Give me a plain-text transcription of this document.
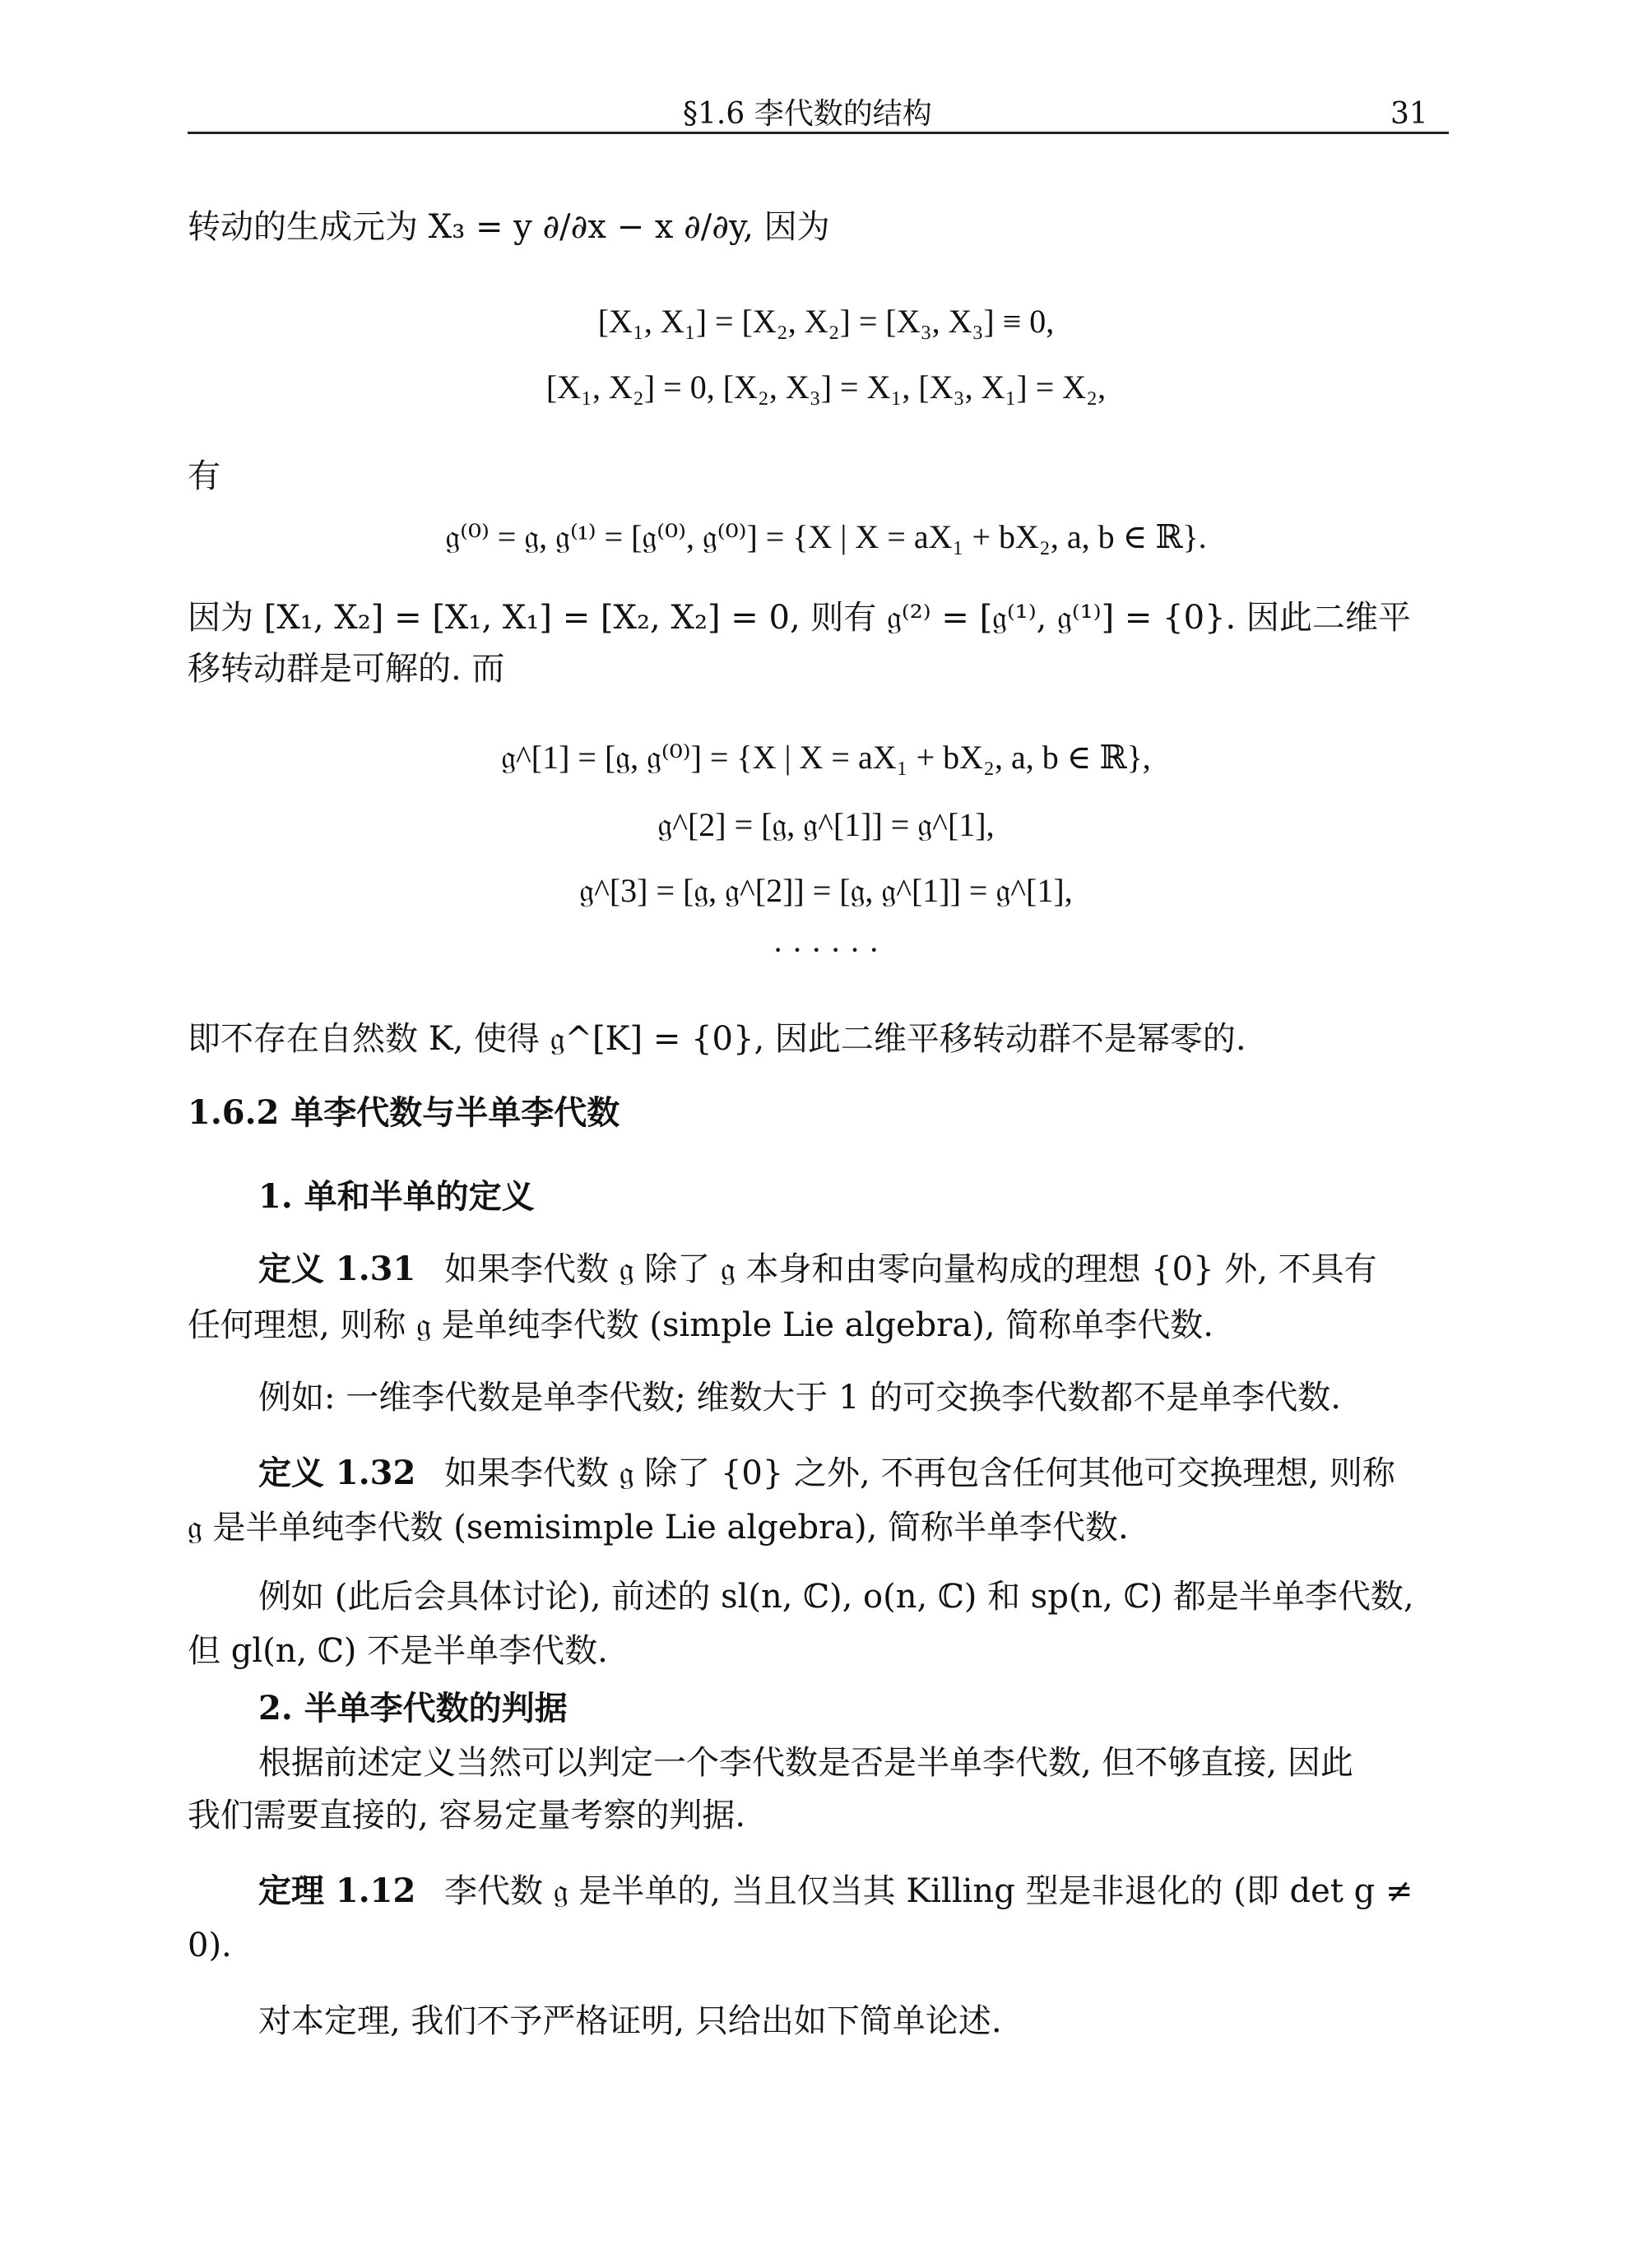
§1.6 李代数的结构	31
转动的生成元为 X₃ = y ∂/∂x − x ∂/∂y, 因为
[X₁, X₁] = [X₂, X₂] = [X₃, X₃] ≡ 0,
[X₁, X₂] = 0, [X₂, X₃] = X₁, [X₃, X₁] = X₂,
有
𝔤⁽⁰⁾ = 𝔤, 𝔤⁽¹⁾ = [𝔤⁽⁰⁾, 𝔤⁽⁰⁾] = {X | X = aX₁ + bX₂, a, b ∈ ℝ}.
因为 [X₁, X₂] = [X₁, X₁] = [X₂, X₂] = 0, 则有 𝔤⁽²⁾ = [𝔤⁽¹⁾, 𝔤⁽¹⁾] = {0}. 因此二维平
移转动群是可解的. 而
𝔤^[1] = [𝔤, 𝔤⁽⁰⁾] = {X | X = aX₁ + bX₂, a, b ∈ ℝ},
𝔤^[2] = [𝔤, 𝔤^[1]] = 𝔤^[1],
𝔤^[3] = [𝔤, 𝔤^[2]] = [𝔤, 𝔤^[1]] = 𝔤^[1],
· · · · · ·
即不存在自然数 K, 使得 𝔤^[K] = {0}, 因此二维平移转动群不是幂零的.
1.6.2 单李代数与半单李代数
1. 单和半单的定义
定义 1.31 如果李代数 𝔤 除了 𝔤 本身和由零向量构成的理想 {0} 外, 不具有
任何理想, 则称 𝔤 是单纯李代数 (simple Lie algebra), 简称单李代数.
例如: 一维李代数是单李代数; 维数大于 1 的可交换李代数都不是单李代数.
定义 1.32 如果李代数 𝔤 除了 {0} 之外, 不再包含任何其他可交换理想, 则称
𝔤 是半单纯李代数 (semisimple Lie algebra), 简称半单李代数.
例如 (此后会具体讨论), 前述的 sl(n, ℂ), o(n, ℂ) 和 sp(n, ℂ) 都是半单李代数,
但 gl(n, ℂ) 不是半单李代数.
2. 半单李代数的判据
根据前述定义当然可以判定一个李代数是否是半单李代数, 但不够直接, 因此
我们需要直接的, 容易定量考察的判据.
定理 1.12 李代数 𝔤 是半单的, 当且仅当其 Killing 型是非退化的 (即 det g ≠
0).
对本定理, 我们不予严格证明, 只给出如下简单论述.
